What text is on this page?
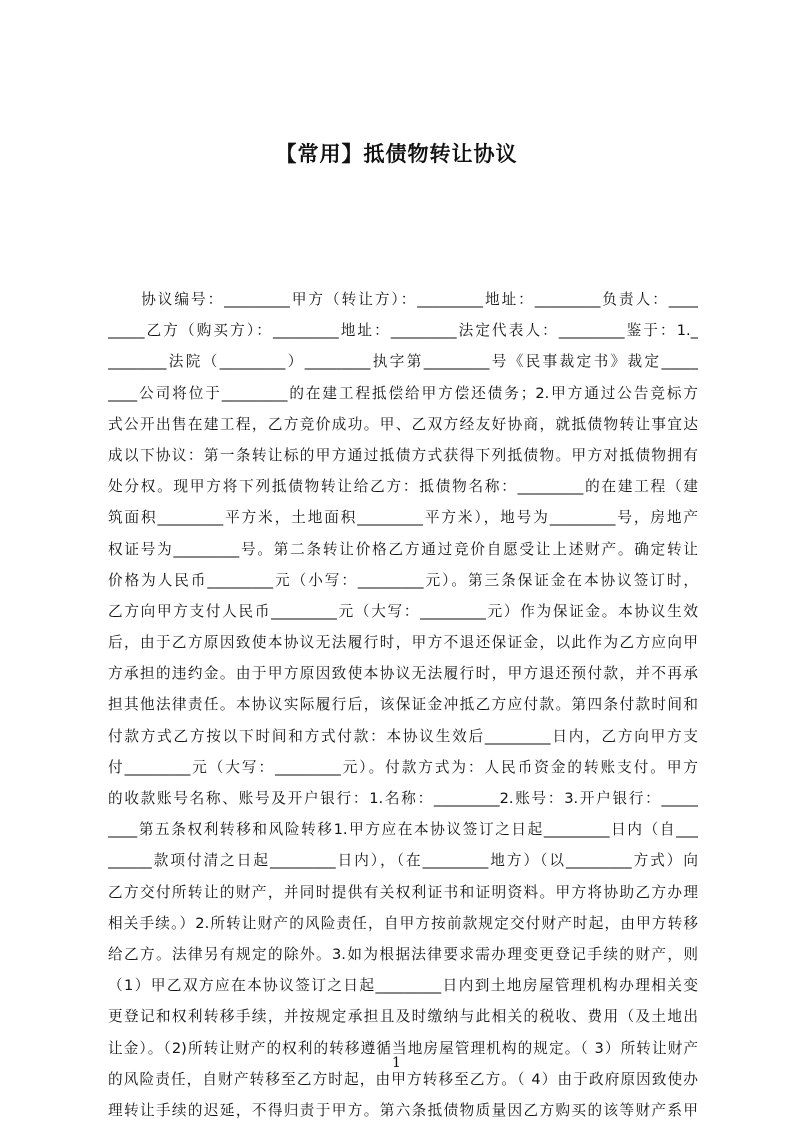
【常用】抵债物转让协议
　　协议编号：_________甲方（转让方）：_________地址：_________负责人：____
_____乙方（购买方）：_________地址：_________法定代表人：_________鉴于：1._
________法院（_________）_________执字第_________号《民事裁定书》裁定_____
____公司将位于_________的在建工程抵偿给甲方偿还债务；2.甲方通过公告竞标方
式公开出售在建工程，乙方竞价成功。甲、乙双方经友好协商，就抵债物转让事宜达
成以下协议：第一条转让标的甲方通过抵债方式获得下列抵债物。甲方对抵债物拥有
处分权。现甲方将下列抵债物转让给乙方：抵债物名称：_________的在建工程（建
筑面积_________平方米，土地面积_________平方米），地号为_________号，房地产
权证号为_________号。第二条转让价格乙方通过竞价自愿受让上述财产。确定转让
价格为人民币_________元（小写：_________元）。第三条保证金在本协议签订时，
乙方向甲方支付人民币_________元（大写：_________元）作为保证金。本协议生效
后，由于乙方原因致使本协议无法履行时，甲方不退还保证金，以此作为乙方应向甲
方承担的违约金。由于甲方原因致使本协议无法履行时，甲方退还预付款，并不再承
担其他法律责任。本协议实际履行后，该保证金冲抵乙方应付款。第四条付款时间和
付款方式乙方按以下时间和方式付款：本协议生效后_________日内，乙方向甲方支
付_________元（大写：_________元）。付款方式为：人民币资金的转账支付。甲方
的收款账号名称、账号及开户银行：1.名称：_________2.账号：3.开户银行：_____
____第五条权利转移和风险转移1.甲方应在本协议签订之日起_________日内（自___
______款项付清之日起_________日内），（在_________地方）（以_________方式）向
乙方交付所转让的财产，并同时提供有关权利证书和证明资料。甲方将协助乙方办理
相关手续。）2.所转让财产的风险责任，自甲方按前款规定交付财产时起，由甲方转移
给乙方。法律另有规定的除外。3.如为根据法律要求需办理变更登记手续的财产，则
（1）甲乙双方应在本协议签订之日起_________日内到土地房屋管理机构办理相关变
更登记和权利转移手续，并按规定承担且及时缴纳与此相关的税收、费用（及土地出
让金）。（2)所转让财产的权利的转移遵循当地房屋管理机构的规定。（ 3）所转让财产
的风险责任，自财产转移至乙方时起，由甲方转移至乙方。（ 4）由于政府原因致使办
理转让手续的迟延，不得归责于甲方。第六条抵债物质量因乙方购买的该等财产系甲
1
